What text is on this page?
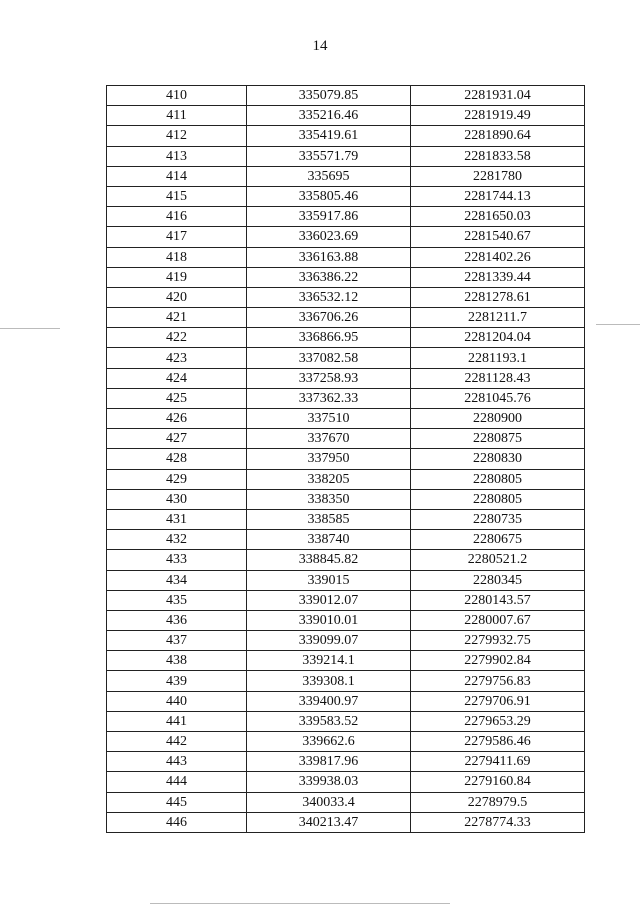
14
410	335079.85	2281931.04
411	335216.46	2281919.49
412	335419.61	2281890.64
413	335571.79	2281833.58
414	335695	2281780
415	335805.46	2281744.13
416	335917.86	2281650.03
417	336023.69	2281540.67
418	336163.88	2281402.26
419	336386.22	2281339.44
420	336532.12	2281278.61
421	336706.26	2281211.7
422	336866.95	2281204.04
423	337082.58	2281193.1
424	337258.93	2281128.43
425	337362.33	2281045.76
426	337510	2280900
427	337670	2280875
428	337950	2280830
429	338205	2280805
430	338350	2280805
431	338585	2280735
432	338740	2280675
433	338845.82	2280521.2
434	339015	2280345
435	339012.07	2280143.57
436	339010.01	2280007.67
437	339099.07	2279932.75
438	339214.1	2279902.84
439	339308.1	2279756.83
440	339400.97	2279706.91
441	339583.52	2279653.29
442	339662.6	2279586.46
443	339817.96	2279411.69
444	339938.03	2279160.84
445	340033.4	2278979.5
446	340213.47	2278774.33
